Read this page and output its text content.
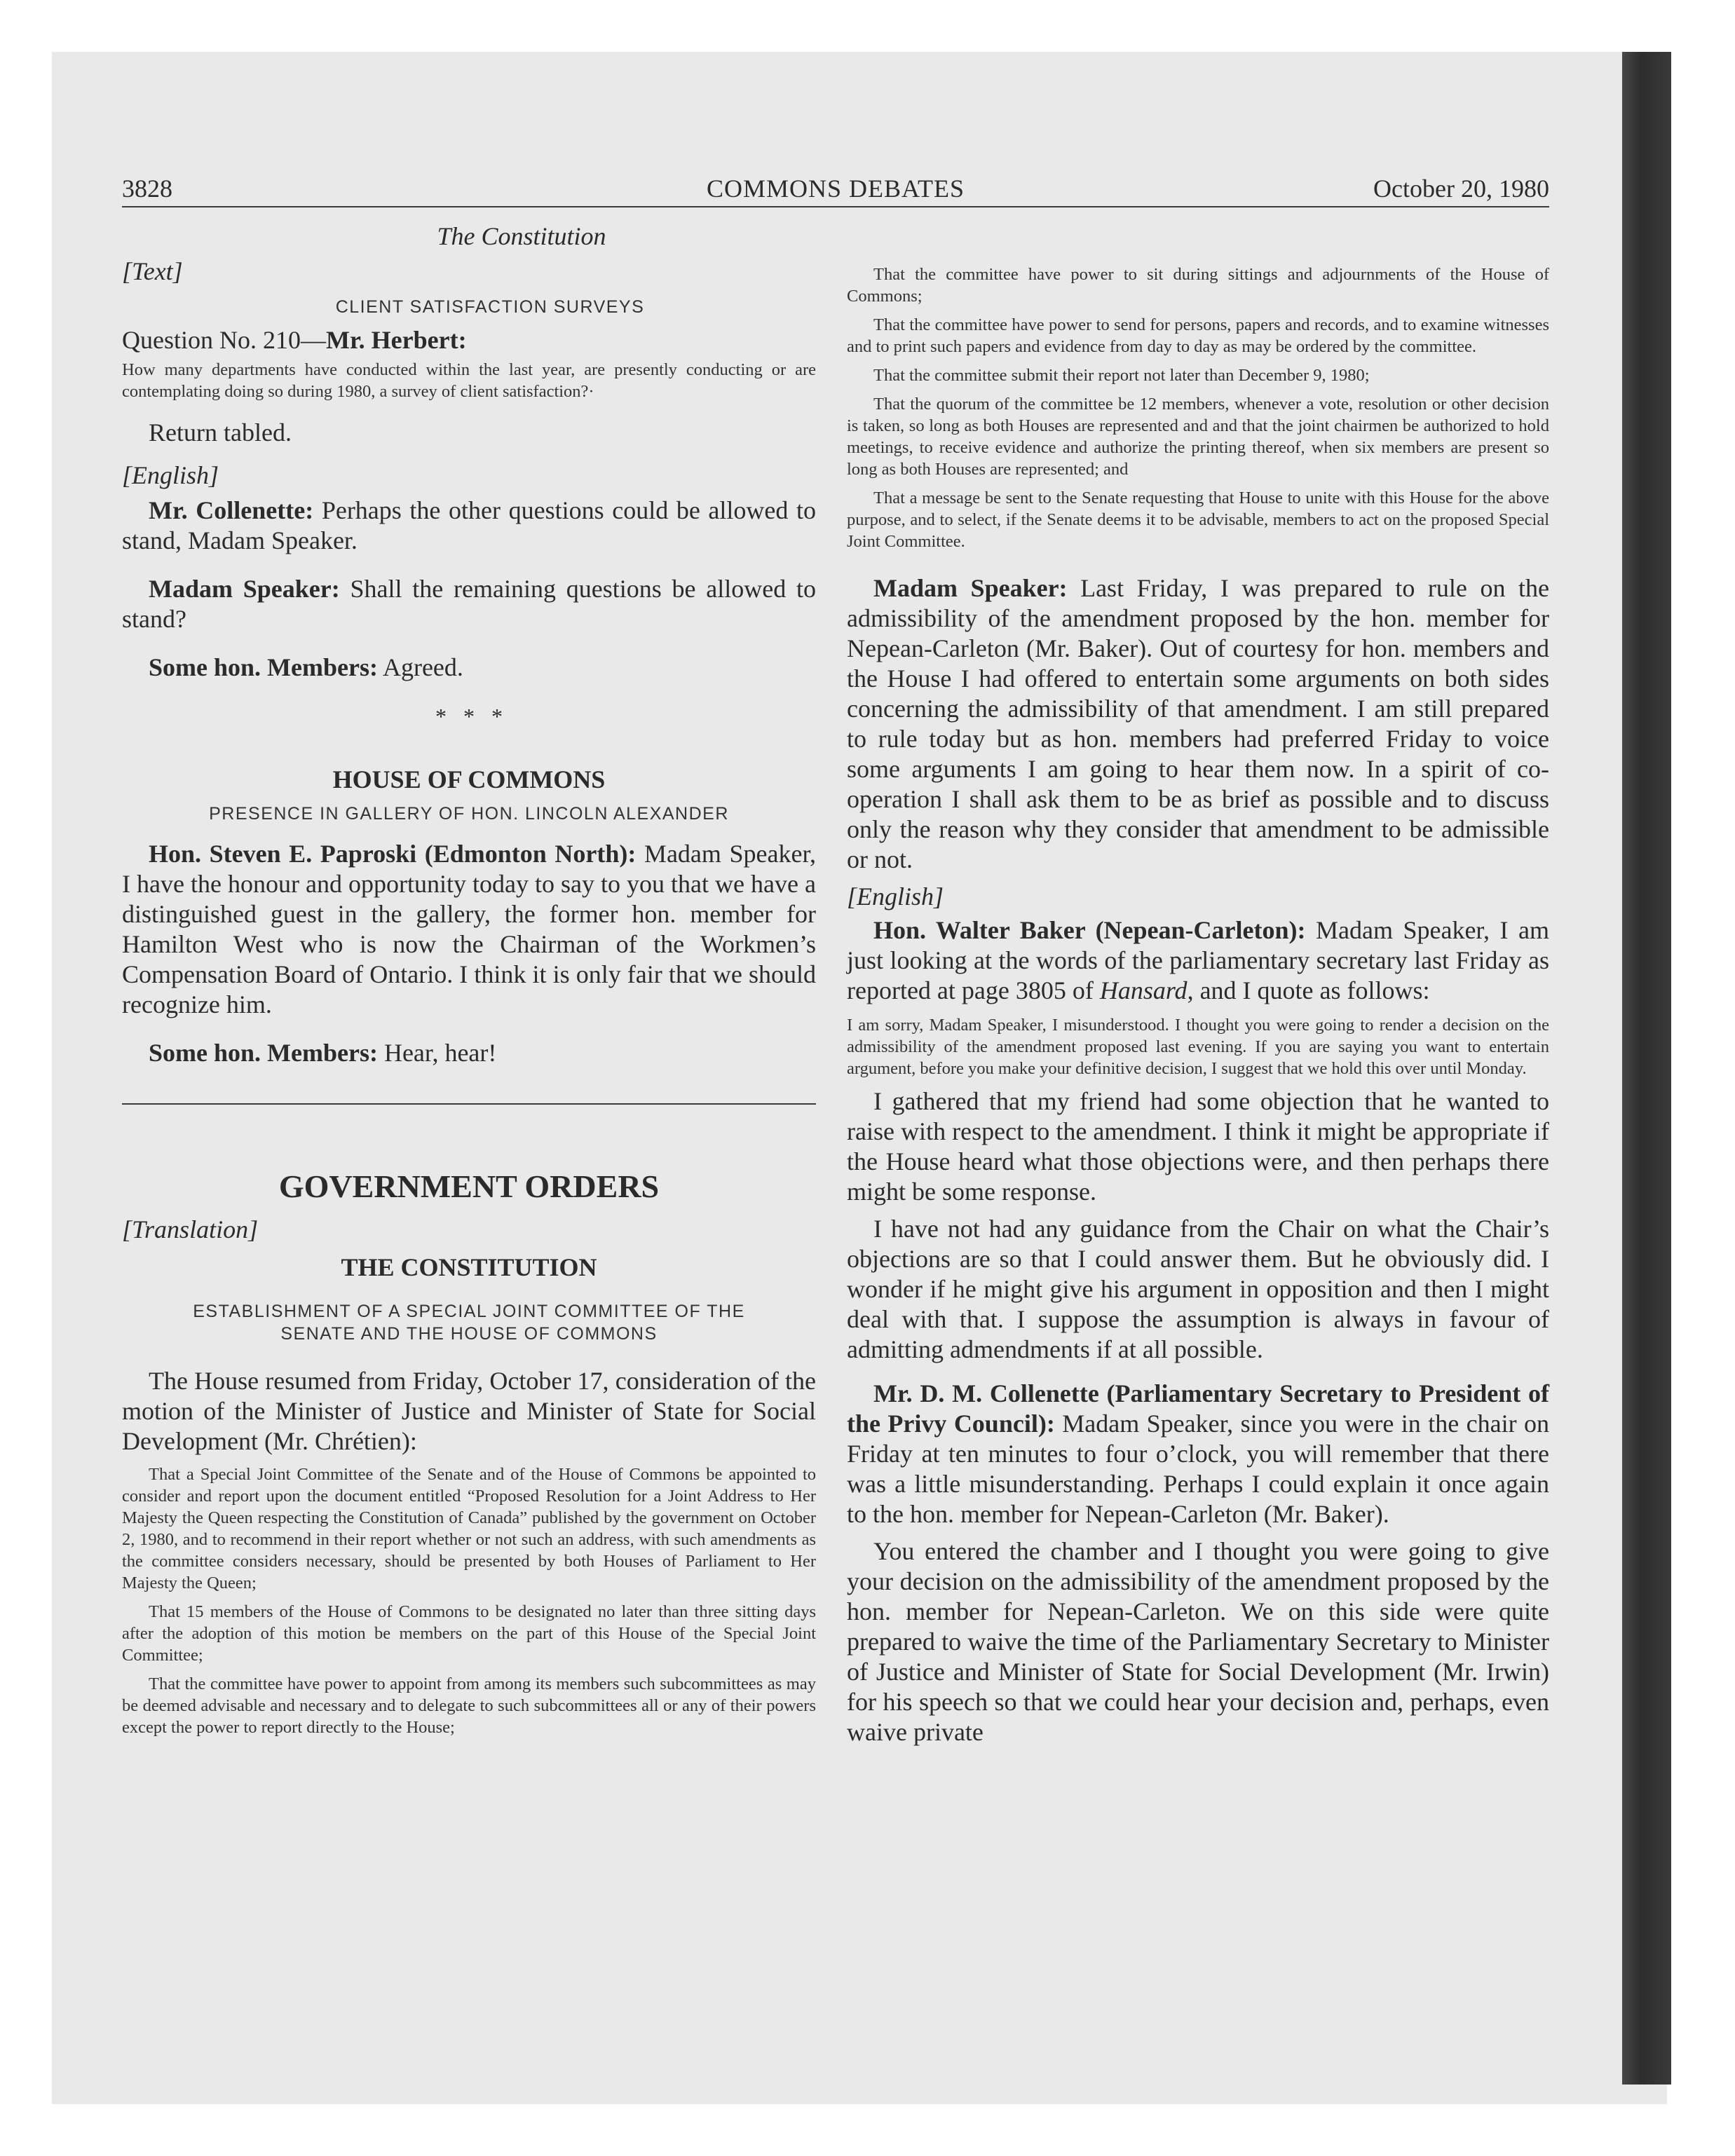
COMMONS DEBATES
3828	October 20, 1980

The Constitution

[Text]

CLIENT SATISFACTION SURVEYS

Question No. 210—Mr. Herbert:

How many departments have conducted within the last year, are presently conducting or are contemplating doing so during 1980, a survey of client satisfaction?·

Return tabled.

[English]

Mr. Collenette: Perhaps the other questions could be allowed to stand, Madam Speaker.

Madam Speaker: Shall the remaining questions be allowed to stand?

Some hon. Members: Agreed.

*   *   *

HOUSE OF COMMONS

PRESENCE IN GALLERY OF HON. LINCOLN ALEXANDER

Hon. Steven E. Paproski (Edmonton North): Madam Speaker, I have the honour and opportunity today to say to you that we have a distinguished guest in the gallery, the former hon. member for Hamilton West who is now the Chairman of the Workmen’s Compensation Board of Ontario. I think it is only fair that we should recognize him.

Some hon. Members: Hear, hear!

GOVERNMENT ORDERS

[Translation]

THE CONSTITUTION

ESTABLISHMENT OF A SPECIAL JOINT COMMITTEE OF THE SENATE AND THE HOUSE OF COMMONS

The House resumed from Friday, October 17, consideration of the motion of the Minister of Justice and Minister of State for Social Development (Mr. Chrétien):

That a Special Joint Committee of the Senate and of the House of Commons be appointed to consider and report upon the document entitled “Proposed Resolution for a Joint Address to Her Majesty the Queen respecting the Constitution of Canada” published by the government on October 2, 1980, and to recommend in their report whether or not such an address, with such amendments as the committee considers necessary, should be presented by both Houses of Parliament to Her Majesty the Queen;

That 15 members of the House of Commons to be designated no later than three sitting days after the adoption of this motion be members on the part of this House of the Special Joint Committee;

That the committee have power to appoint from among its members such subcommittees as may be deemed advisable and necessary and to delegate to such subcommittees all or any of their powers except the power to report directly to the House;

That the committee have power to sit during sittings and adjournments of the House of Commons;

That the committee have power to send for persons, papers and records, and to examine witnesses and to print such papers and evidence from day to day as may be ordered by the committee.

That the committee submit their report not later than December 9, 1980;

That the quorum of the committee be 12 members, whenever a vote, resolution or other decision is taken, so long as both Houses are represented and and that the joint chairmen be authorized to hold meetings, to receive evidence and authorize the printing thereof, when six members are present so long as both Houses are represented; and

That a message be sent to the Senate requesting that House to unite with this House for the above purpose, and to select, if the Senate deems it to be advisable, members to act on the proposed Special Joint Committee.

Madam Speaker: Last Friday, I was prepared to rule on the admissibility of the amendment proposed by the hon. member for Nepean-Carleton (Mr. Baker). Out of courtesy for hon. members and the House I had offered to entertain some arguments on both sides concerning the admissibility of that amendment. I am still prepared to rule today but as hon. members had preferred Friday to voice some arguments I am going to hear them now. In a spirit of co-operation I shall ask them to be as brief as possible and to discuss only the reason why they consider that amendment to be admissible or not.

[English]

Hon. Walter Baker (Nepean-Carleton): Madam Speaker, I am just looking at the words of the parliamentary secretary last Friday as reported at page 3805 of Hansard, and I quote as follows:

I am sorry, Madam Speaker, I misunderstood. I thought you were going to render a decision on the admissibility of the amendment proposed last evening. If you are saying you want to entertain argument, before you make your definitive decision, I suggest that we hold this over until Monday.

I gathered that my friend had some objection that he wanted to raise with respect to the amendment. I think it might be appropriate if the House heard what those objections were, and then perhaps there might be some response.

I have not had any guidance from the Chair on what the Chair’s objections are so that I could answer them. But he obviously did. I wonder if he might give his argument in opposition and then I might deal with that. I suppose the assumption is always in favour of admitting admendments if at all possible.

Mr. D. M. Collenette (Parliamentary Secretary to President of the Privy Council): Madam Speaker, since you were in the chair on Friday at ten minutes to four o’clock, you will remember that there was a little misunderstanding. Perhaps I could explain it once again to the hon. member for Nepean-Carleton (Mr. Baker).

You entered the chamber and I thought you were going to give your decision on the admissibility of the amendment proposed by the hon. member for Nepean-Carleton. We on this side were quite prepared to waive the time of the Parliamentary Secretary to Minister of Justice and Minister of State for Social Development (Mr. Irwin) for his speech so that we could hear your decision and, perhaps, even waive private
